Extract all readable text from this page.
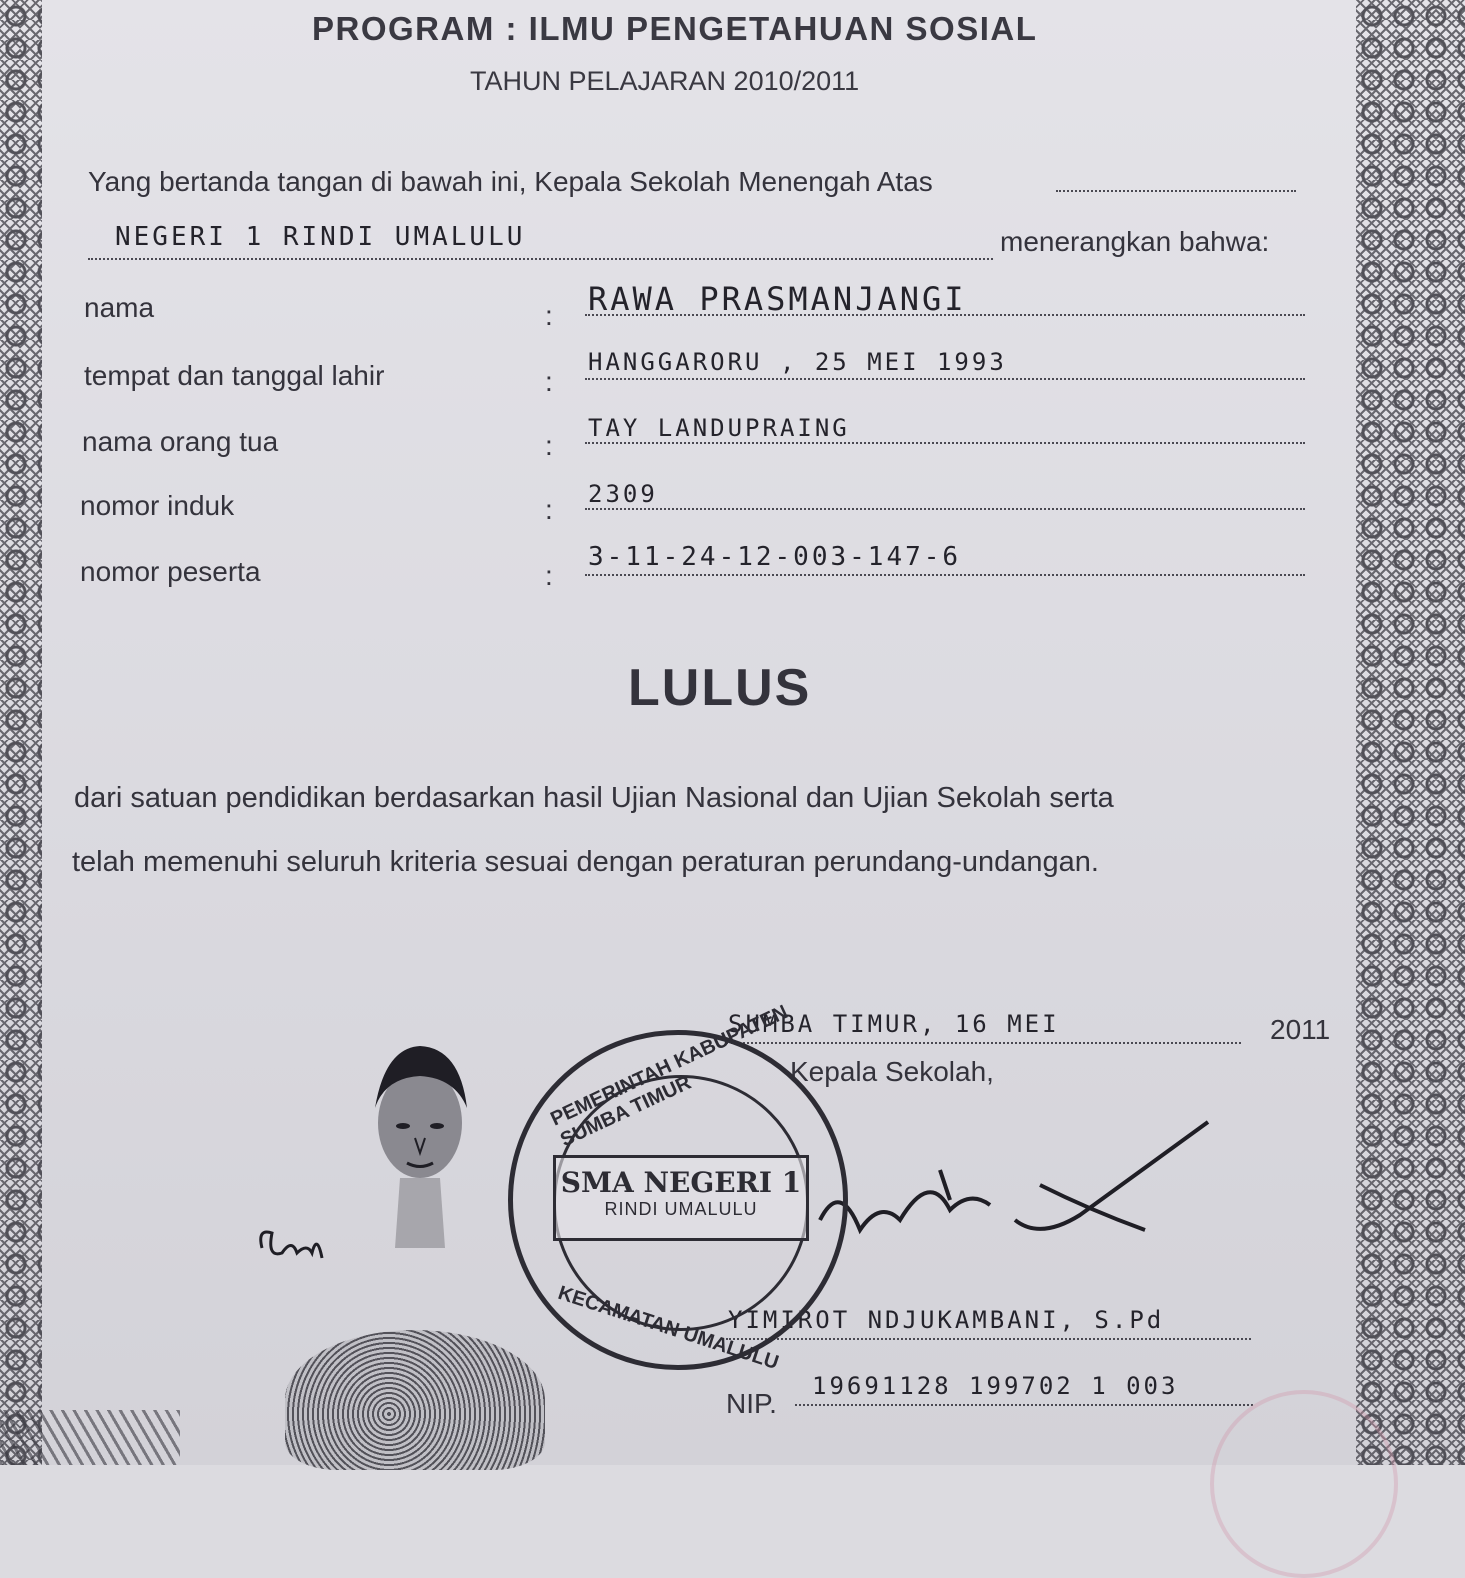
PROGRAM : ILMU PENGETAHUAN SOSIAL
TAHUN PELAJARAN 2010/2011
Yang bertanda tangan di bawah ini, Kepala Sekolah Menengah Atas
NEGERI 1 RINDI UMALULU	menerangkan bahwa:
nama	: RAWA PRASMANJANGI
tempat dan tanggal lahir	:
HANGGARORU , 25 MEI 1993
nama orang tua	:
TAY LANDUPRAING
nomor induk	: 2309
nomor peserta	:
3-11-24-12-003-147-6
LULUS
dari satuan pendidikan berdasarkan hasil Ujian Nasional dan Ujian Sekolah serta
telah memenuhi seluruh kriteria sesuai dengan peraturan perundang-undangan.
SUMBA TIMUR, 16 MEI	2011
Kepala Sekolah,
YIMIROT NDJUKAMBANI, S.Pd
NIP.
19691128 199702 1 003
PEMERINTAH KABUPATEN SUMBA TIMUR
SMA NEGERI 1
RINDI UMALULU
KECAMATAN UMALULU
